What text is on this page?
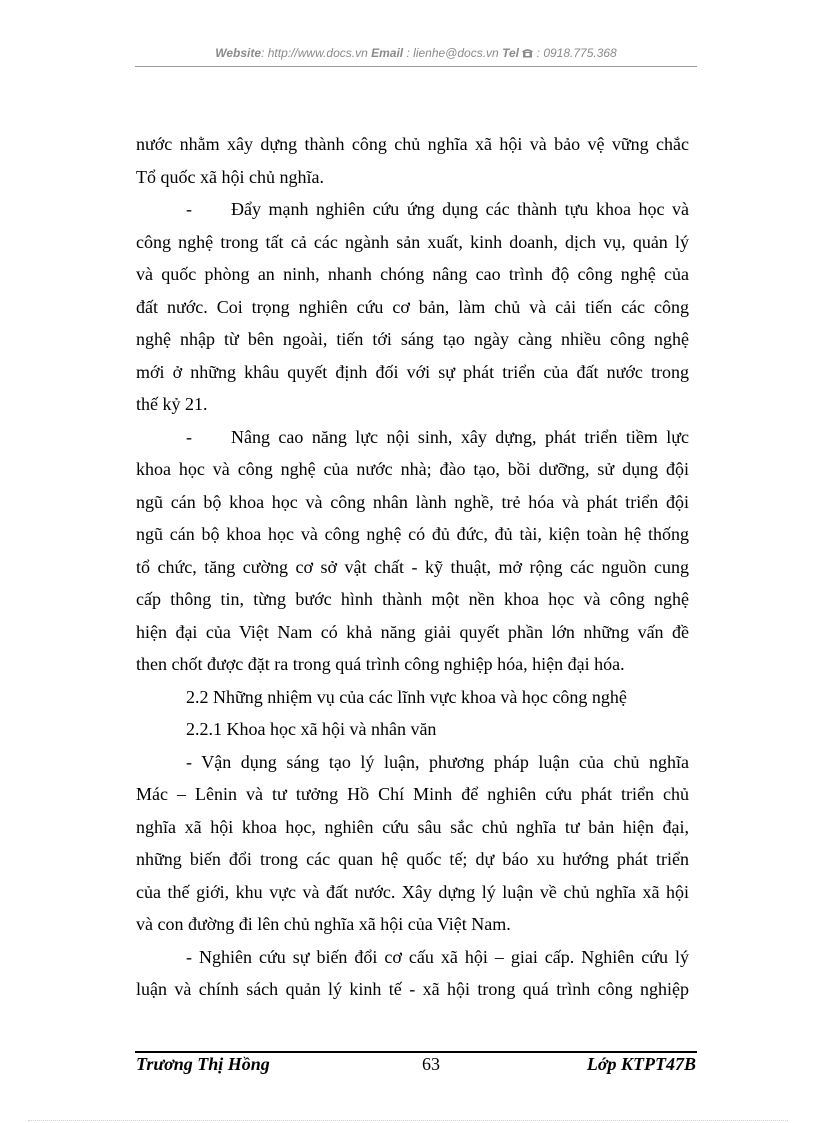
Website: http://www.docs.vn Email : lienhe@docs.vn Tel : 0918.775.368
nước nhằm xây dựng thành công chủ nghĩa xã hội và bảo vệ vững chắc
Tổ quốc xã hội chủ nghĩa.
-	Đẩy mạnh nghiên cứu ứng dụng các thành tựu khoa học và
công nghệ trong tất cả các ngành sản xuất, kinh doanh, dịch vụ, quản lý
và quốc phòng an ninh, nhanh chóng nâng cao trình độ công nghệ của
đất nước. Coi trọng nghiên cứu cơ bản, làm chủ và cải tiến các công
nghệ nhập từ bên ngoài, tiến tới sáng tạo ngày càng nhiều công nghệ
mới ở những khâu quyết định đối với sự phát triển của đất nước trong
thế kỷ 21.
-	Nâng cao năng lực nội sinh, xây dựng, phát triển tiềm lực
khoa học và công nghệ của nước nhà; đào tạo, bồi dưỡng, sử dụng đội
ngũ cán bộ khoa học và công nhân lành nghề, trẻ hóa và phát triển đội
ngũ cán bộ khoa học và công nghệ có đủ đức, đủ tài, kiện toàn hệ thống
tổ chức, tăng cường cơ sở vật chất - kỹ thuật, mở rộng các nguồn cung
cấp thông tin, từng bước hình thành một nền khoa học và công nghệ
hiện đại của Việt Nam có khả năng giải quyết phần lớn những vấn đề
then chốt được đặt ra trong quá trình công nghiệp hóa, hiện đại hóa.
2.2 Những nhiệm vụ của các lĩnh vực khoa và học công nghệ
2.2.1 Khoa học xã hội và nhân văn
- Vận dụng sáng tạo lý luận, phương pháp luận của chủ nghĩa
Mác – Lênin và tư tưởng Hồ Chí Minh để nghiên cứu phát triển chủ
nghĩa xã hội khoa học, nghiên cứu sâu sắc chủ nghĩa tư bản hiện đại,
những biến đổi trong các quan hệ quốc tế; dự báo xu hướng phát triển
của thế giới, khu vực và đất nước. Xây dựng lý luận về chủ nghĩa xã hội
và con đường đi lên chủ nghĩa xã hội của Việt Nam.
- Nghiên cứu sự biến đổi cơ cấu xã hội – giai cấp. Nghiên cứu lý
luận và chính sách quản lý kinh tế - xã hội trong quá trình công nghiệp
Trương Thị Hồng	63	Lớp KTPT47B
